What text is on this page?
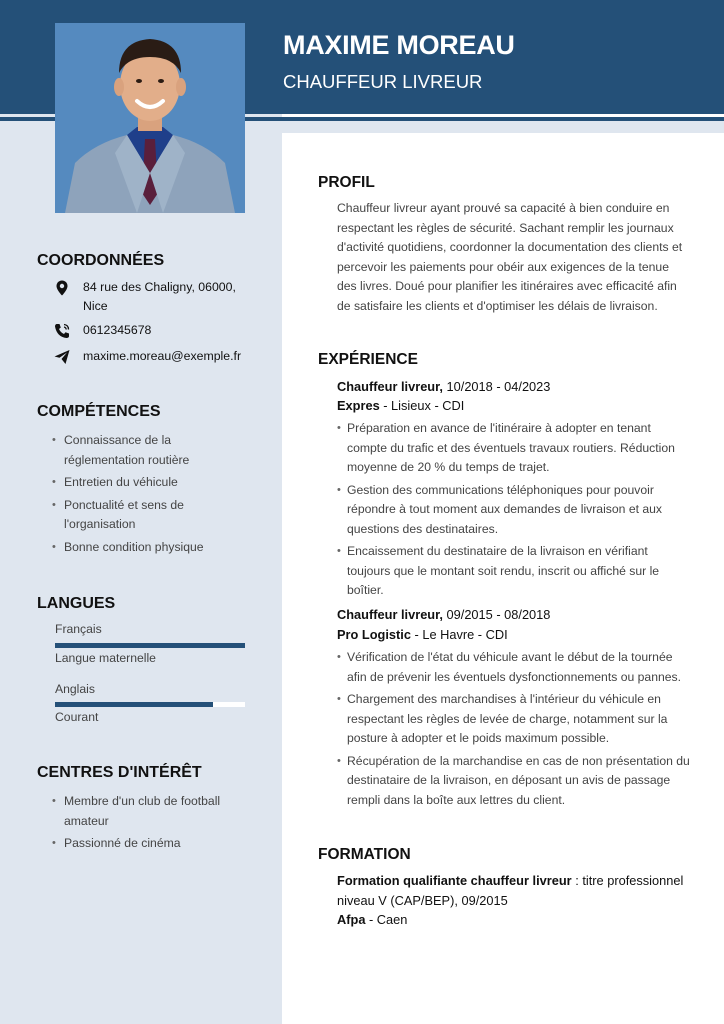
MAXIME MOREAU
CHAUFFEUR LIVREUR
COORDONNÉES
84 rue des Chaligny, 06000,
Nice
0612345678
maxime.moreau@exemple.fr
COMPÉTENCES
• Connaissance de la réglementation routière
• Entretien du véhicule
• Ponctualité et sens de l'organisation
• Bonne condition physique
LANGUES
Français
Langue maternelle
Anglais
Courant
CENTRES D'INTÉRÊT
• Membre d'un club de football amateur
• Passionné de cinéma
PROFIL
Chauffeur livreur ayant prouvé sa capacité à bien conduire en respectant les règles de sécurité. Sachant remplir les journaux d'activité quotidiens, coordonner la documentation des clients et percevoir les paiements pour obéir aux exigences de la tenue des livres. Doué pour planifier les itinéraires avec efficacité afin de satisfaire les clients et d'optimiser les délais de livraison.
EXPÉRIENCE
Chauffeur livreur, 10/2018 - 04/2023
Expres - Lisieux - CDI
• Préparation en avance de l'itinéraire à adopter en tenant compte du trafic et des éventuels travaux routiers. Réduction moyenne de 20 % du temps de trajet.
• Gestion des communications téléphoniques pour pouvoir répondre à tout moment aux demandes de livraison et aux questions des destinataires.
• Encaissement du destinataire de la livraison en vérifiant toujours que le montant soit rendu, inscrit ou affiché sur le boîtier.
Chauffeur livreur, 09/2015 - 08/2018
Pro Logistic - Le Havre - CDI
• Vérification de l'état du véhicule avant le début de la tournée afin de prévenir les éventuels dysfonctionnements ou pannes.
• Chargement des marchandises à l'intérieur du véhicule en respectant les règles de levée de charge, notamment sur la posture à adopter et le poids maximum possible.
• Récupération de la marchandise en cas de non présentation du destinataire de la livraison, en déposant un avis de passage rempli dans la boîte aux lettres du client.
FORMATION
Formation qualifiante chauffeur livreur : titre professionnel niveau V (CAP/BEP), 09/2015
Afpa - Caen
